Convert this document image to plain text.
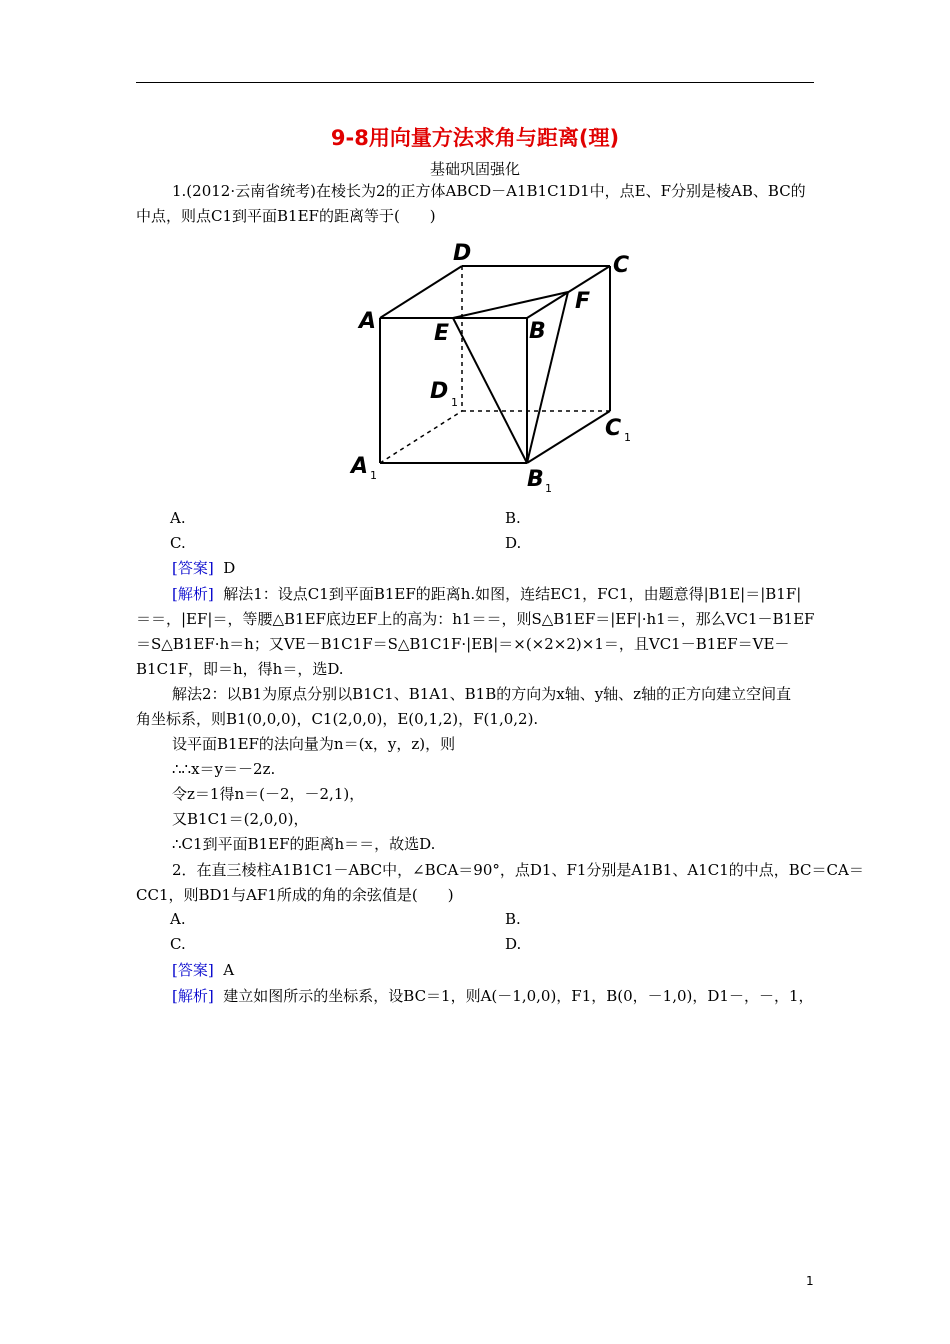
9-8用向量方法求角与距离(理)
基础巩固强化
1.(2012·云南省统考)在棱长为2的正方体ABCD－A1B1C1D1中，点E、F分别是棱AB、BC的
中点，则点C1到平面B1EF的距离等于(　　)
D	C
A	E	B
F
D 1
C 1
A 1	B 1
A.	B.
C.	D.
[答案] D
[解析] 解法1：设点C1到平面B1EF的距离h.如图，连结EC1，FC1，由题意得|B1E|＝|B1F|
＝＝，|EF|＝，等腰△B1EF底边EF上的高为：h1＝＝，则S△B1EF＝|EF|·h1＝，那么VC1－B1EF
＝S△B1EF·h＝h；又VE－B1C1F＝S△B1C1F·|EB|＝×(×2×2)×1＝，且VC1－B1EF＝VE－
B1C1F，即＝h，得h＝，选D.
解法2：以B1为原点分别以B1C1、B1A1、B1B的方向为x轴、y轴、z轴的正方向建立空间直
角坐标系，则B1(0,0,0)，C1(2,0,0)，E(0,1,2)，F(1,0,2).
设平面B1EF的法向量为n＝(x，y，z)，则
∴∴x＝y＝－2z.
令z＝1得n＝(－2，－2,1)，
又B1C1＝(2,0,0)，
∴C1到平面B1EF的距离h＝＝，故选D.
2．在直三棱柱A1B1C1－ABC中，∠BCA＝90°，点D1、F1分别是A1B1、A1C1的中点，BC＝CA＝
CC1，则BD1与AF1所成的角的余弦值是(　　)
A.	B.
C.	D.
[答案] A
[解析] 建立如图所示的坐标系，设BC＝1，则A(－1,0,0)，F1，B(0，－1,0)，D1－，－，1，
1
